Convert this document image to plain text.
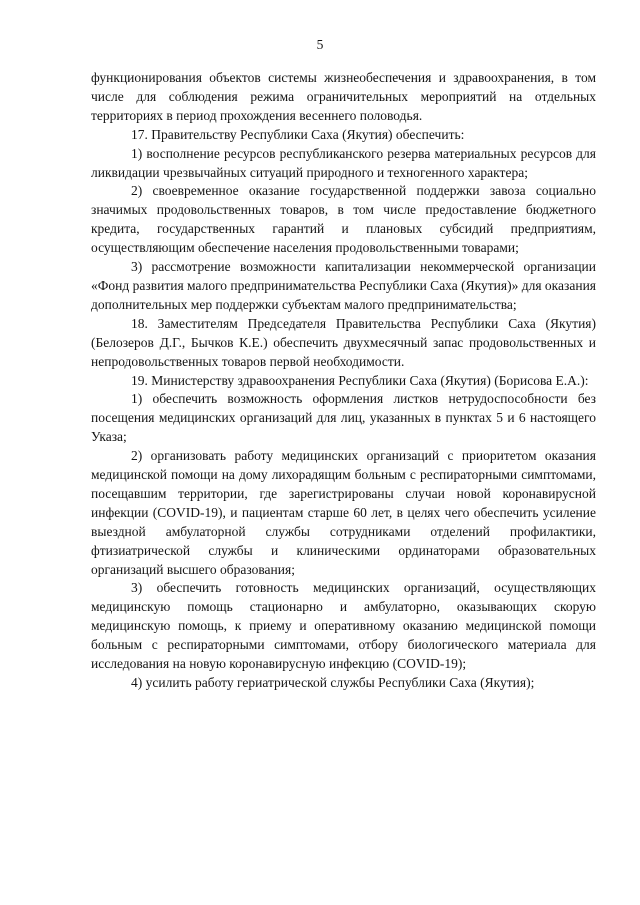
5

функционирования объектов системы жизнеобеспечения и здравоохранения, в том числе для соблюдения режима ограничительных мероприятий на отдельных территориях в период прохождения весеннего половодья.

17. Правительству Республики Саха (Якутия) обеспечить:

1) восполнение ресурсов республиканского резерва материальных ресурсов для ликвидации чрезвычайных ситуаций природного и техногенного характера;

2) своевременное оказание государственной поддержки завоза социально значимых продовольственных товаров, в том числе предоставление бюджетного кредита, государственных гарантий и плановых субсидий предприятиям, осуществляющим обеспечение населения продовольственными товарами;

3) рассмотрение возможности капитализации некоммерческой организации «Фонд развития малого предпринимательства Республики Саха (Якутия)» для оказания дополнительных мер поддержки субъектам малого предпринимательства;

18. Заместителям Председателя Правительства Республики Саха (Якутия) (Белозеров Д.Г., Бычков К.Е.) обеспечить двухмесячный запас продовольственных и непродовольственных товаров первой необходимости.

19. Министерству здравоохранения Республики Саха (Якутия) (Борисова Е.А.):

1) обеспечить возможность оформления листков нетрудоспособности без посещения медицинских организаций для лиц, указанных в пунктах 5 и 6 настоящего Указа;

2) организовать работу медицинских организаций с приоритетом оказания медицинской помощи на дому лихорадящим больным с респираторными симптомами, посещавшим территории, где зарегистрированы случаи новой коронавирусной инфекции (COVID-19), и пациентам старше 60 лет, в целях чего обеспечить усиление выездной амбулаторной службы сотрудниками отделений профилактики, фтизиатрической службы и клиническими ординаторами образовательных организаций высшего образования;

3) обеспечить готовность медицинских организаций, осуществляющих медицинскую помощь стационарно и амбулаторно, оказывающих скорую медицинскую помощь, к приему и оперативному оказанию медицинской помощи больным с респираторными симптомами, отбору биологического материала для исследования на новую коронавирусную инфекцию (COVID-19);

4) усилить работу гериатрической службы Республики Саха (Якутия);
